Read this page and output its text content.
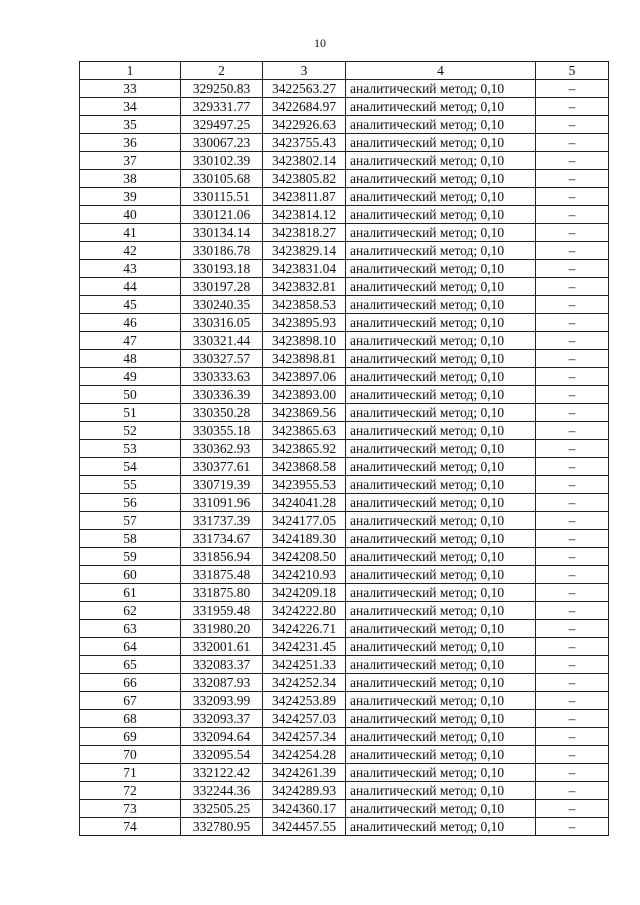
10
1	2	3	4	5
33	329250.83	3422563.27	аналитический метод; 0,10	–
34	329331.77	3422684.97	аналитический метод; 0,10	–
35	329497.25	3422926.63	аналитический метод; 0,10	–
36	330067.23	3423755.43	аналитический метод; 0,10	–
37	330102.39	3423802.14	аналитический метод; 0,10	–
38	330105.68	3423805.82	аналитический метод; 0,10	–
39	330115.51	3423811.87	аналитический метод; 0,10	–
40	330121.06	3423814.12	аналитический метод; 0,10	–
41	330134.14	3423818.27	аналитический метод; 0,10	–
42	330186.78	3423829.14	аналитический метод; 0,10	–
43	330193.18	3423831.04	аналитический метод; 0,10	–
44	330197.28	3423832.81	аналитический метод; 0,10	–
45	330240.35	3423858.53	аналитический метод; 0,10	–
46	330316.05	3423895.93	аналитический метод; 0,10	–
47	330321.44	3423898.10	аналитический метод; 0,10	–
48	330327.57	3423898.81	аналитический метод; 0,10	–
49	330333.63	3423897.06	аналитический метод; 0,10	–
50	330336.39	3423893.00	аналитический метод; 0,10	–
51	330350.28	3423869.56	аналитический метод; 0,10	–
52	330355.18	3423865.63	аналитический метод; 0,10	–
53	330362.93	3423865.92	аналитический метод; 0,10	–
54	330377.61	3423868.58	аналитический метод; 0,10	–
55	330719.39	3423955.53	аналитический метод; 0,10	–
56	331091.96	3424041.28	аналитический метод; 0,10	–
57	331737.39	3424177.05	аналитический метод; 0,10	–
58	331734.67	3424189.30	аналитический метод; 0,10	–
59	331856.94	3424208.50	аналитический метод; 0,10	–
60	331875.48	3424210.93	аналитический метод; 0,10	–
61	331875.80	3424209.18	аналитический метод; 0,10	–
62	331959.48	3424222.80	аналитический метод; 0,10	–
63	331980.20	3424226.71	аналитический метод; 0,10	–
64	332001.61	3424231.45	аналитический метод; 0,10	–
65	332083.37	3424251.33	аналитический метод; 0,10	–
66	332087.93	3424252.34	аналитический метод; 0,10	–
67	332093.99	3424253.89	аналитический метод; 0,10	–
68	332093.37	3424257.03	аналитический метод; 0,10	–
69	332094.64	3424257.34	аналитический метод; 0,10	–
70	332095.54	3424254.28	аналитический метод; 0,10	–
71	332122.42	3424261.39	аналитический метод; 0,10	–
72	332244.36	3424289.93	аналитический метод; 0,10	–
73	332505.25	3424360.17	аналитический метод; 0,10	–
74	332780.95	3424457.55	аналитический метод; 0,10	–
